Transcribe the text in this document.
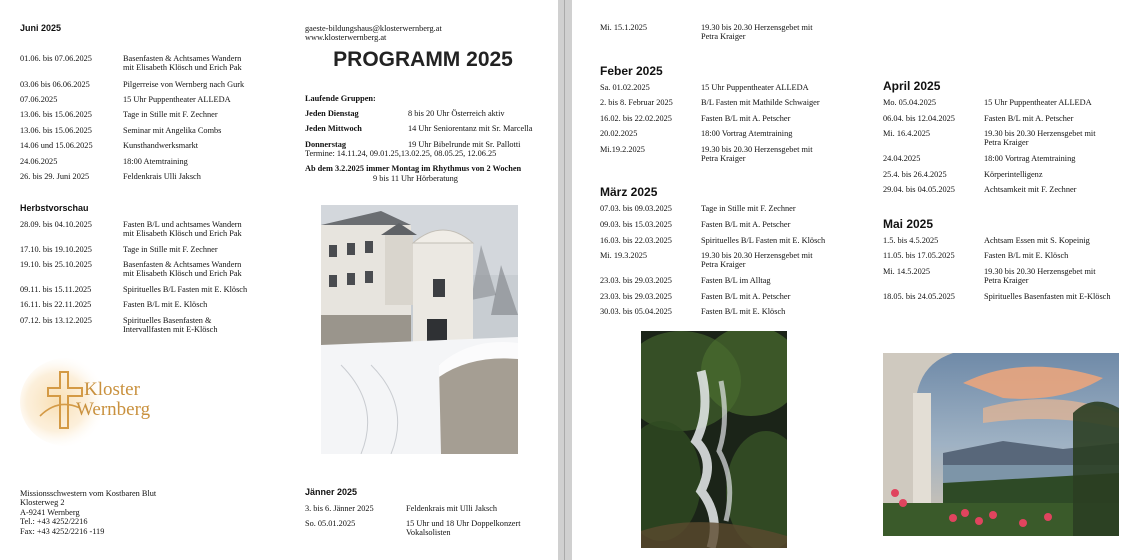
Juni 2025
01.06. bis 07.06.2025	Basenfasten & Achtsames Wandern
mit Elisabeth Klösch und Erich Pak
03.06 bis 06.06.2025	Pilgerreise von Wernberg nach Gurk
07.06.2025	15 Uhr Puppentheater ALLEDA
13.06. bis 15.06.2025	Tage in Stille mit F. Zechner
13.06. bis 15.06.2025	Seminar mit Angelika Combs
14.06 und 15.06.2025	Kunsthandwerksmarkt
24.06.2025	18:00 Atemtraining
26. bis 29. Juni 2025	Feldenkrais Ulli Jaksch
Herbstvorschau
28.09. bis 04.10.2025	Fasten B/L und achtsames Wandern
mit Elisabeth Klösch und Erich Pak
17.10. bis 19.10.2025	Tage in Stille mit F. Zechner
19.10. bis 25.10.2025	Basenfasten & Achtsames Wandern
mit Elisabeth Klösch und Erich Pak
09.11. bis 15.11.2025	Spirituelles B/L Fasten mit E. Klösch
16.11. bis 22.11.2025	Fasten B/L mit E. Klösch
07.12. bis 13.12.2025	Spirituelles Basenfasten &
Intervallfasten mit E-Klösch
Kloster
Wernberg
Missionsschwestern vom Kostbaren Blut
Klosterweg 2
A-9241 Wernberg
Tel.: +43 4252/2216
Fax: +43 4252/2216 -119
gaeste-bildungshaus@klosterwernberg.at
www.klosterwernberg.at
PROGRAMM 2025
Laufende Gruppen:
Jeden Dienstag	8 bis 20 Uhr Österreich aktiv
Jeden Mittwoch	14 Uhr Seniorentanz mit Sr. Marcella
Donnerstag	19 Uhr Bibelrunde mit Sr. Pallotti
Termine: 14.11.24, 09.01.25,13.02.25, 08.05.25, 12.06.25
Ab dem 3.2.2025 immer Montag im Rhythmus von 2 Wochen
9 bis 11 Uhr Hörberatung
Jänner 2025
3. bis 6. Jänner 2025	Feldenkrais mit Ulli Jaksch
So. 05.01.2025	15 Uhr und 18 Uhr Doppelkonzert
Vokalsolisten
Mi. 15.1.2025	19.30 bis 20.30 Herzensgebet mit
Petra Kraiger
Feber 2025
Sa. 01.02.2025	15 Uhr Puppentheater ALLEDA
2. bis 8. Februar 2025	B/L Fasten mit Mathilde Schwaiger
16.02. bis 22.02.2025	Fasten B/L mit A. Petscher
20.02.2025	18:00 Vortrag Atemtraining
Mi.19.2.2025	19.30 bis 20.30 Herzensgebet mit
Petra Kraiger
März 2025
07.03. bis 09.03.2025	Tage in Stille mit F. Zechner
09.03. bis 15.03.2025	Fasten B/L mit A. Petscher
16.03. bis 22.03.2025	Spirituelles B/L Fasten mit E. Klösch
Mi. 19.3.2025	19.30 bis 20.30 Herzensgebet mit
Petra Kraiger
23.03. bis 29.03.2025	Fasten B/L im Alltag
23.03. bis 29.03.2025	Fasten B/L mit A. Petscher
30.03. bis 05.04.2025	Fasten B/L mit E. Klösch
April 2025
Mo. 05.04.2025	15 Uhr Puppentheater ALLEDA
06.04. bis 12.04.2025	Fasten B/L mit A. Petscher
Mi. 16.4.2025	19.30 bis 20.30 Herzensgebet mit
Petra Kraiger
24.04.2025	18:00 Vortrag Atemtraining
25.4. bis 26.4.2025	Körperintelligenz
29.04. bis 04.05.2025	Achtsamkeit mit F. Zechner
Mai 2025
1.5. bis 4.5.2025	Achtsam Essen mit S. Kopeinig
11.05. bis 17.05.2025	Fasten B/L mit E. Klösch
Mi. 14.5.2025	19.30 bis 20.30 Herzensgebet mit
Petra Kraiger
18.05. bis 24.05.2025	Spirituelles Basenfasten mit E-Klösch
